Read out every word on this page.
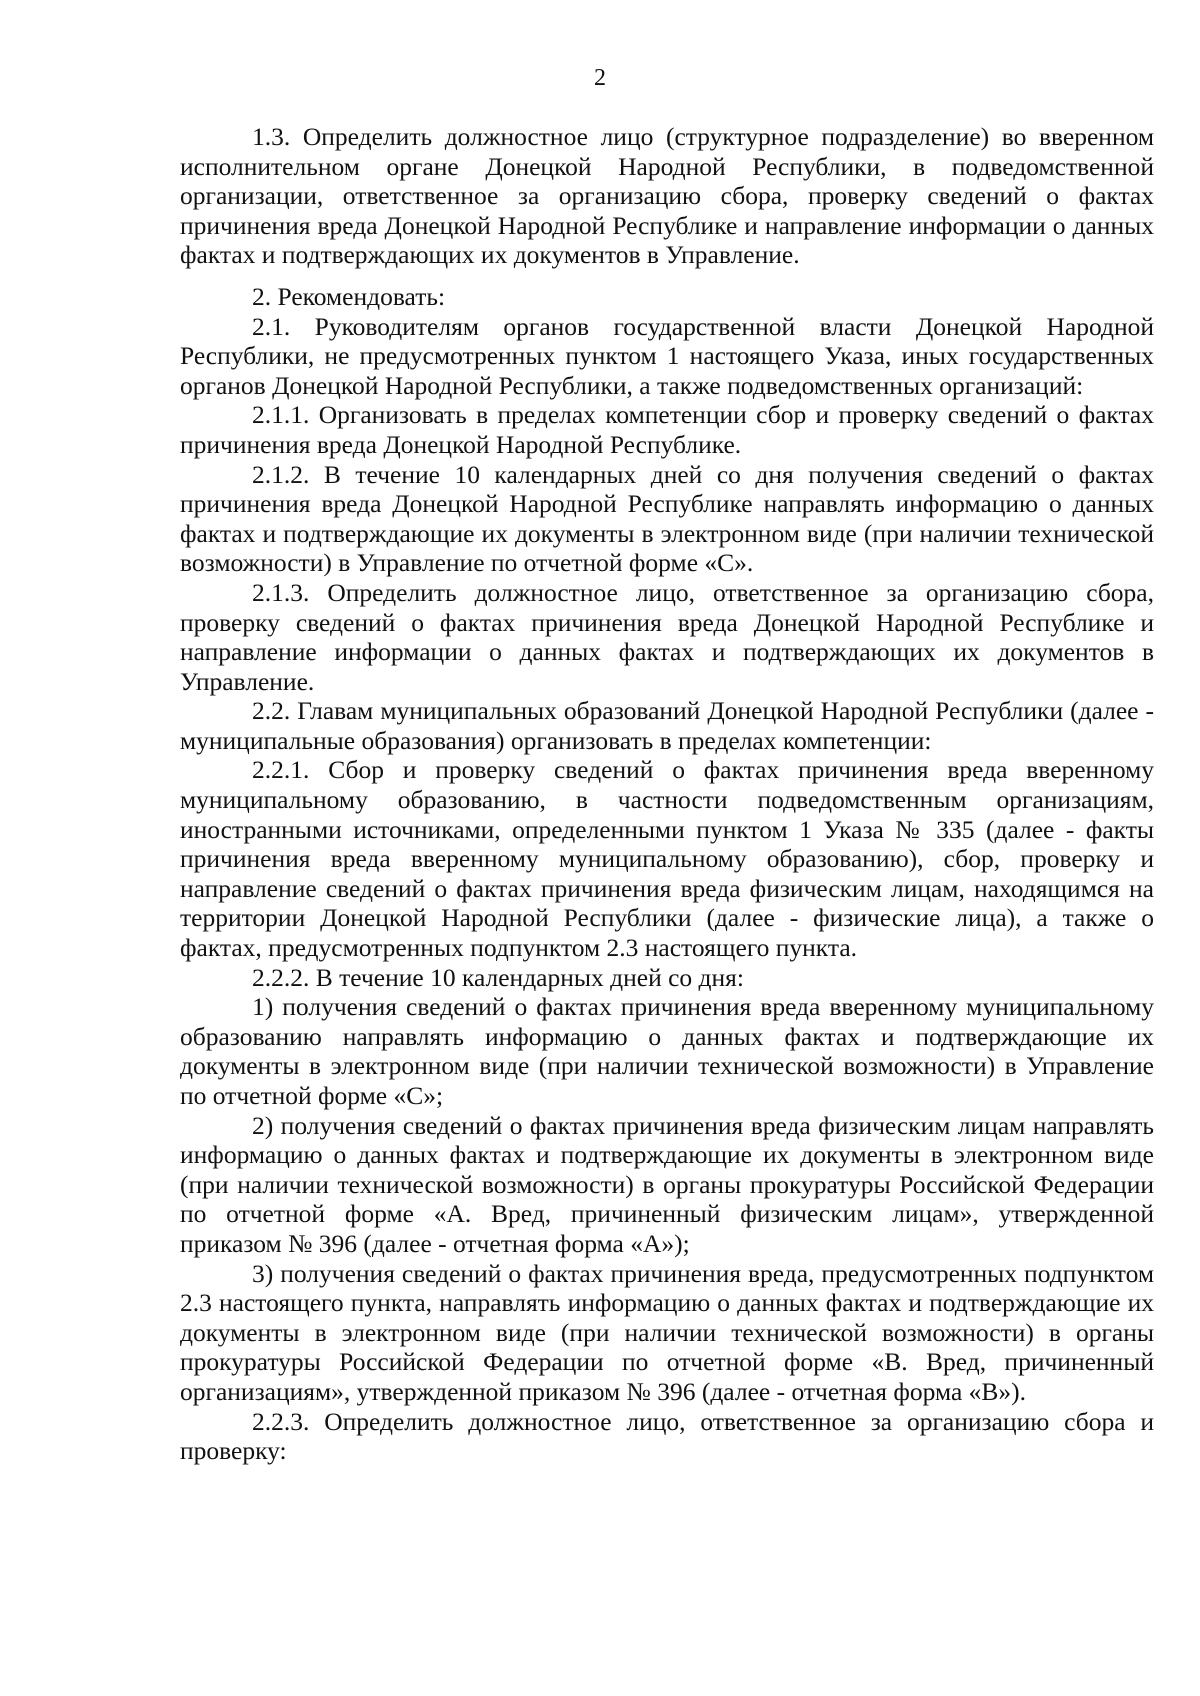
2

1.3. Определить должностное лицо (структурное подразделение) во вверенном исполнительном органе Донецкой Народной Республики, в подведомственной организации, ответственное за организацию сбора, проверку сведений о фактах причинения вреда Донецкой Народной Республике и направление информации о данных фактах и подтверждающих их документов в Управление.

2. Рекомендовать:

2.1. Руководителям органов государственной власти Донецкой Народной Республики, не предусмотренных пунктом 1 настоящего Указа, иных государственных органов Донецкой Народной Республики, а также подведомственных организаций:

2.1.1. Организовать в пределах компетенции сбор и проверку сведений о фактах причинения вреда Донецкой Народной Республике.

2.1.2. В течение 10 календарных дней со дня получения сведений о фактах причинения вреда Донецкой Народной Республике направлять информацию о данных фактах и подтверждающие их документы в электронном виде (при наличии технической возможности) в Управление по отчетной форме «С».

2.1.3. Определить должностное лицо, ответственное за организацию сбора, проверку сведений о фактах причинения вреда Донецкой Народной Республике и направление информации о данных фактах и подтверждающих их документов в Управление.

2.2. Главам муниципальных образований Донецкой Народной Республики (далее - муниципальные образования) организовать в пределах компетенции:

2.2.1. Сбор и проверку сведений о фактах причинения вреда вверенному муниципальному образованию, в частности подведомственным организациям, иностранными источниками, определенными пунктом 1 Указа № 335 (далее - факты причинения вреда вверенному муниципальному образованию), сбор, проверку и направление сведений о фактах причинения вреда физическим лицам, находящимся на территории Донецкой Народной Республики (далее - физические лица), а также о фактах, предусмотренных подпунктом 2.3 настоящего пункта.

2.2.2. В течение 10 календарных дней со дня:

1) получения сведений о фактах причинения вреда вверенному муниципальному образованию направлять информацию о данных фактах и подтверждающие их документы в электронном виде (при наличии технической возможности) в Управление по отчетной форме «С»;

2) получения сведений о фактах причинения вреда физическим лицам направлять информацию о данных фактах и подтверждающие их документы в электронном виде (при наличии технической возможности) в органы прокуратуры Российской Федерации по отчетной форме «А. Вред, причиненный физическим лицам», утвержденной приказом № 396 (далее - отчетная форма «А»);

3) получения сведений о фактах причинения вреда, предусмотренных подпунктом 2.3 настоящего пункта, направлять информацию о данных фактах и подтверждающие их документы в электронном виде (при наличии технической возможности) в органы прокуратуры Российской Федерации по отчетной форме «В. Вред, причиненный организациям», утвержденной приказом № 396 (далее - отчетная форма «В»).

2.2.3. Определить должностное лицо, ответственное за организацию сбора и проверку:
